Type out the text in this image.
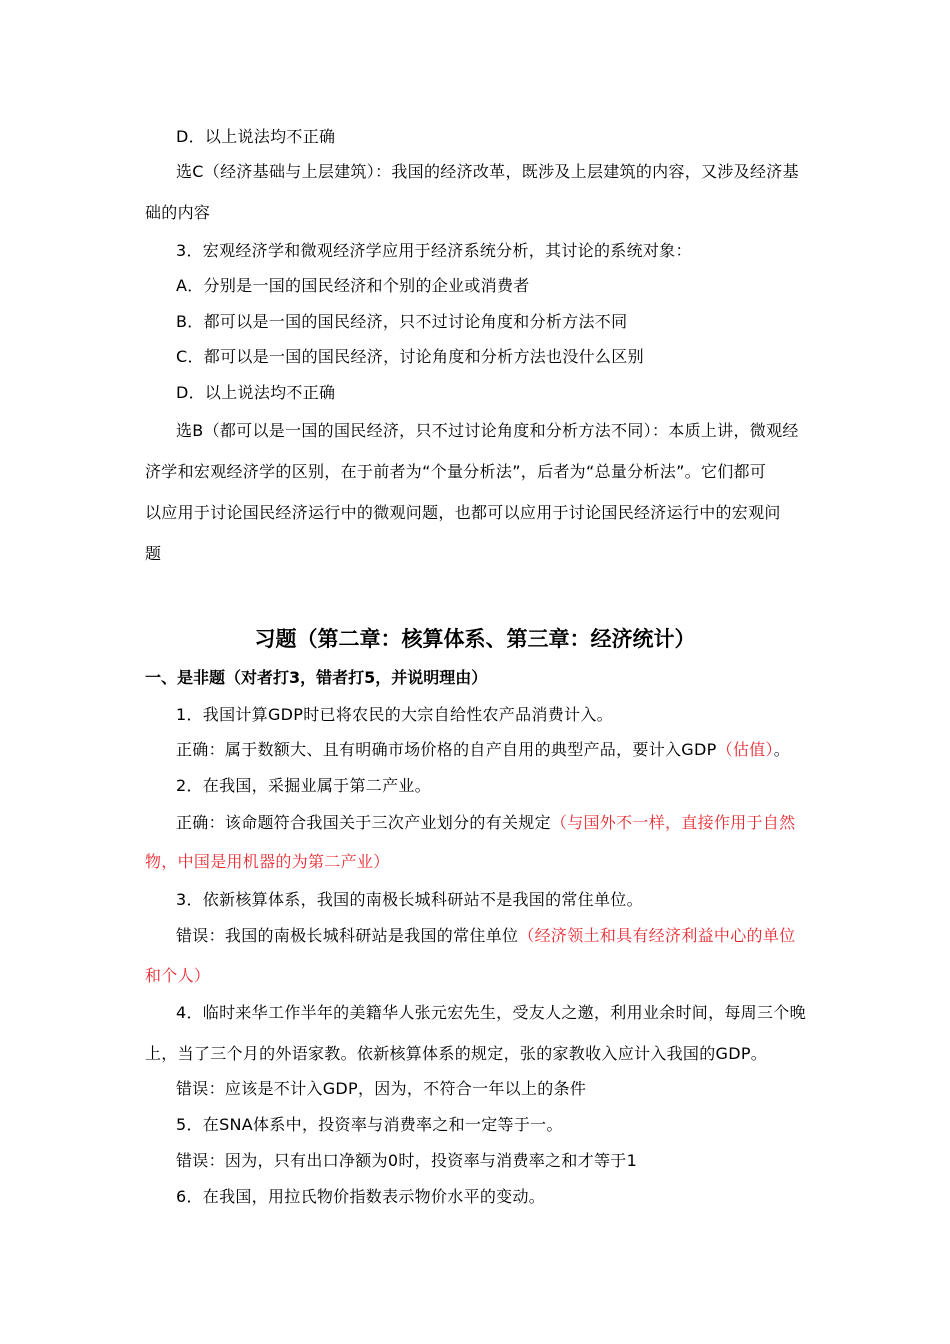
D．以上说法均不正确
选C（经济基础与上层建筑）：我国的经济改革，既涉及上层建筑的内容，又涉及经济基
础的内容
3．宏观经济学和微观经济学应用于经济系统分析，其讨论的系统对象：
A．分别是一国的国民经济和个别的企业或消费者
B．都可以是一国的国民经济，只不过讨论角度和分析方法不同
C．都可以是一国的国民经济，讨论角度和分析方法也没什么区别
D．以上说法均不正确
选B（都可以是一国的国民经济，只不过讨论角度和分析方法不同）：本质上讲，微观经
济学和宏观经济学的区别，在于前者为“个量分析法”，后者为“总量分析法”。它们都可
以应用于讨论国民经济运行中的微观问题，也都可以应用于讨论国民经济运行中的宏观问
题
习题（第二章：核算体系、第三章：经济统计）
一、是非题（对者打3，错者打5，并说明理由）
1．我国计算GDP时已将农民的大宗自给性农产品消费计入。
正确：属于数额大、且有明确市场价格的自产自用的典型产品，要计入GDP（估值）。
2．在我国，采掘业属于第二产业。
正确：该命题符合我国关于三次产业划分的有关规定（与国外不一样，直接作用于自然
物，中国是用机器的为第二产业）
3．依新核算体系，我国的南极长城科研站不是我国的常住单位。
错误：我国的南极长城科研站是我国的常住单位（经济领土和具有经济利益中心的单位
和个人）
4．临时来华工作半年的美籍华人张元宏先生，受友人之邀，利用业余时间，每周三个晚
上，当了三个月的外语家教。依新核算体系的规定，张的家教收入应计入我国的GDP。
错误：应该是不计入GDP，因为，不符合一年以上的条件
5．在SNA体系中，投资率与消费率之和一定等于一。
错误：因为，只有出口净额为0时，投资率与消费率之和才等于1
6．在我国，用拉氏物价指数表示物价水平的变动。
